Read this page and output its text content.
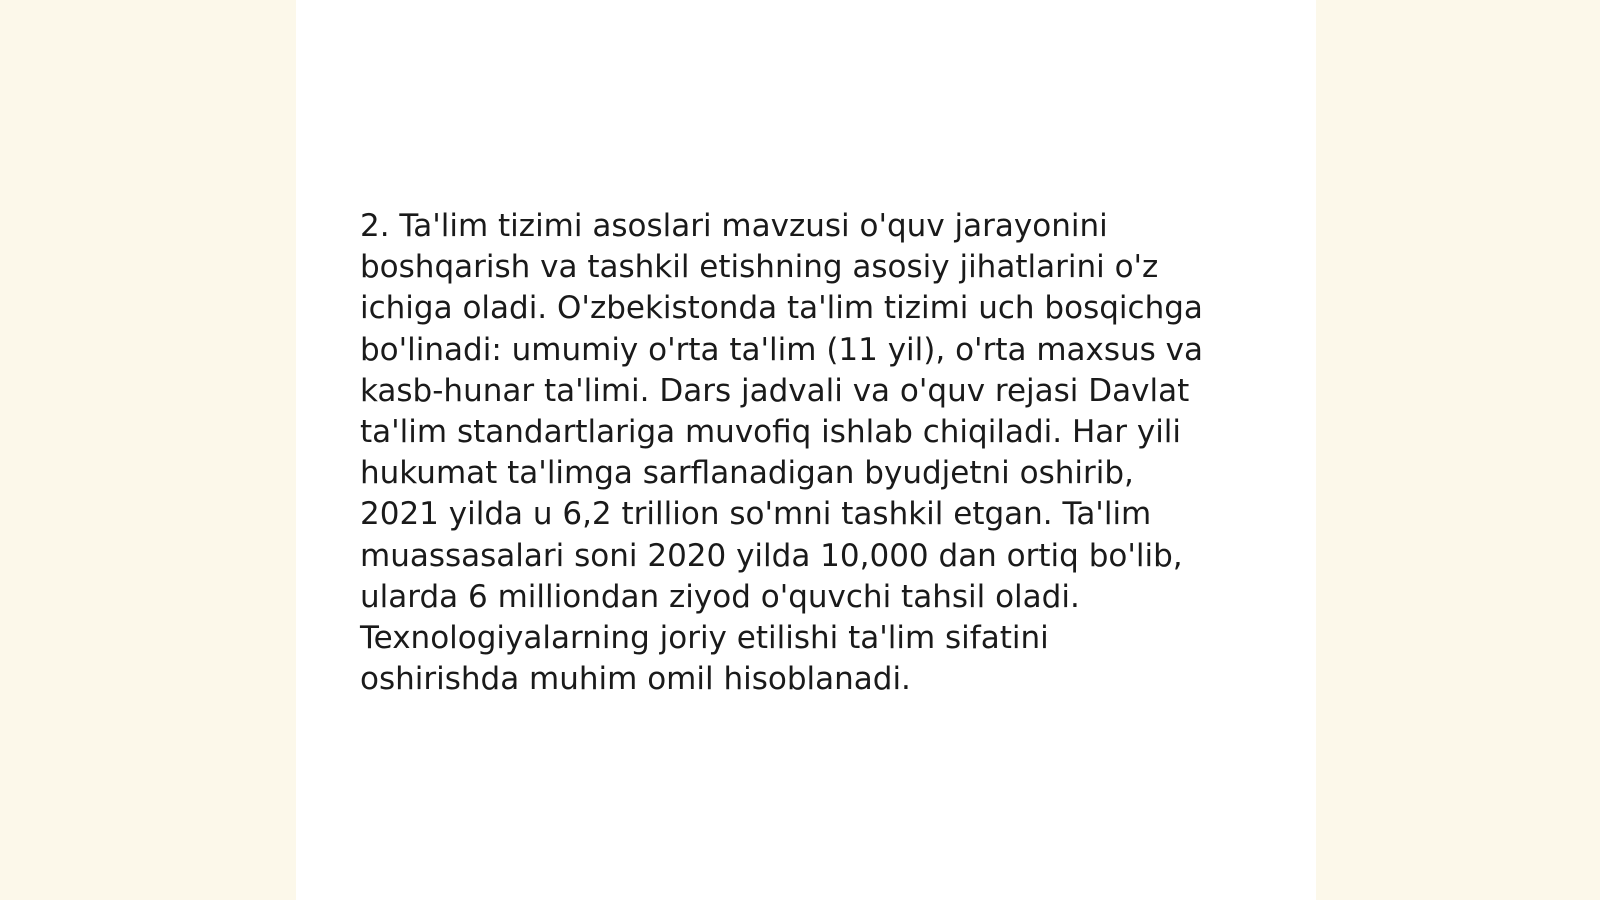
2. Ta'lim tizimi asoslari mavzusi o'quv jarayonini
boshqarish va tashkil etishning asosiy jihatlarini o'z
ichiga oladi. O'zbekistonda ta'lim tizimi uch bosqichga
bo'linadi: umumiy o'rta ta'lim (11 yil), o'rta maxsus va
kasb-hunar ta'limi. Dars jadvali va o'quv rejasi Davlat
ta'lim standartlariga muvofiq ishlab chiqiladi. Har yili
hukumat ta'limga sarflanadigan byudjetni oshirib,
2021 yilda u 6,2 trillion so'mni tashkil etgan. Ta'lim
muassasalari soni 2020 yilda 10,000 dan ortiq bo'lib,
ularda 6 milliondan ziyod o'quvchi tahsil oladi.
Texnologiyalarning joriy etilishi ta'lim sifatini
oshirishda muhim omil hisoblanadi.
